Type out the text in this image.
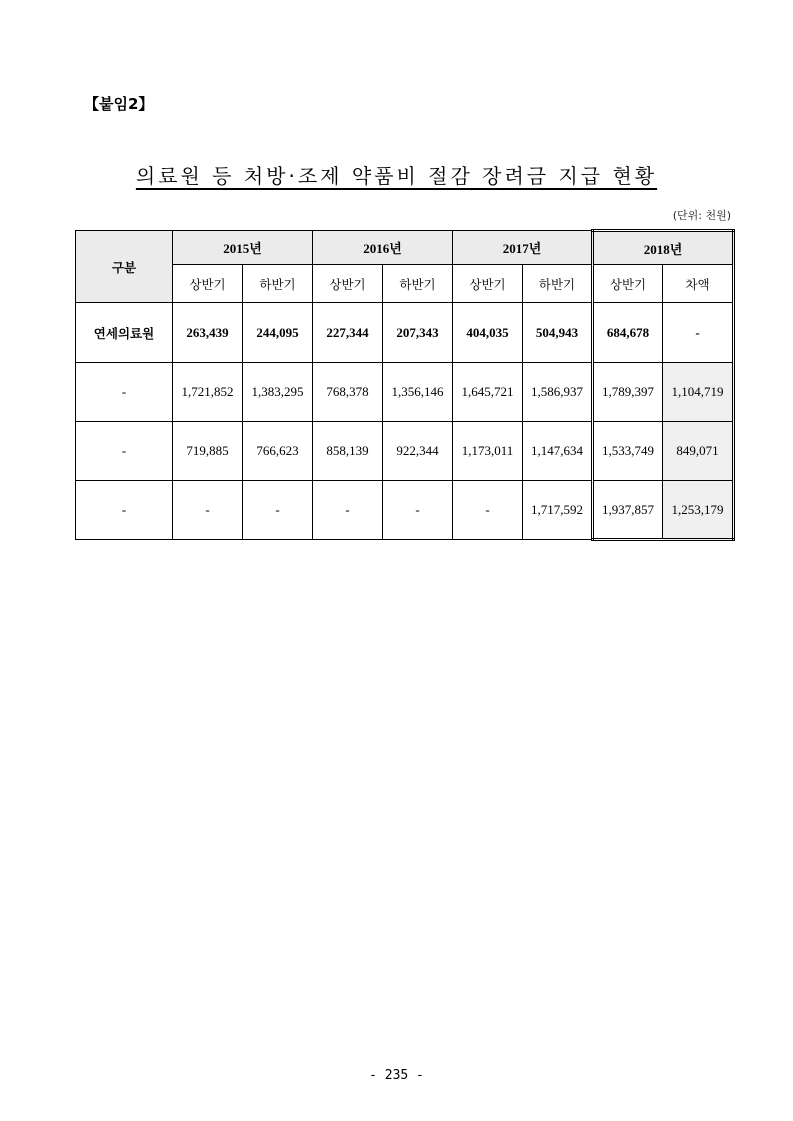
【붙임2】
의료원 등 처방·조제 약품비 절감 장려금 지급 현황
(단위: 천원)
구분	2015년		2016년		2017년		2018년	
	상반기	하반기	상반기	하반기	상반기	하반기	상반기	차액
연세의료원	263,439	244,095	227,344	207,343	404,035	504,943	684,678	-
-	1,721,852	1,383,295	768,378	1,356,146	1,645,721	1,586,937	1,789,397	1,104,719
-	719,885	766,623	858,139	922,344	1,173,011	1,147,634	1,533,749	849,071
-	-	-	-	-	-	1,717,592	1,937,857	1,253,179
- 235 -
